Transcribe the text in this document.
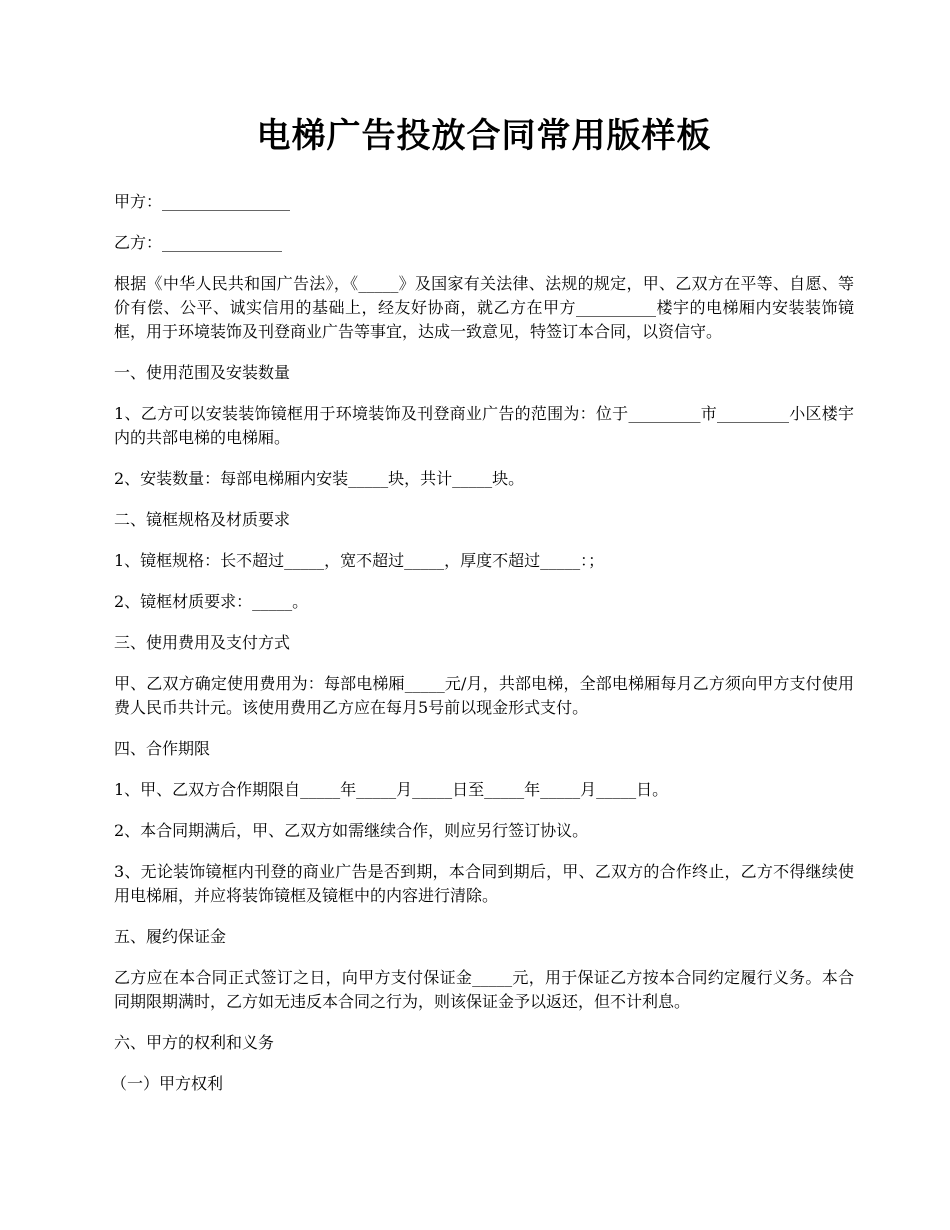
电梯广告投放合同常用版样板

甲方：________________

乙方：_______________

根据《中华人民共和国广告法》，《_____》及国家有关法律、法规的规定，甲、乙双方在平等、自愿、等价有偿、公平、诚实信用的基础上，经友好协商，就乙方在甲方__________楼宇的电梯厢内安装装饰镜框，用于环境装饰及刊登商业广告等事宜，达成一致意见，特签订本合同，以资信守。

一、使用范围及安装数量

1、乙方可以安装装饰镜框用于环境装饰及刊登商业广告的范围为：位于_________市_________小区楼宇内的共部电梯的电梯厢。

2、安装数量：每部电梯厢内安装_____块，共计_____块。

二、镜框规格及材质要求

1、镜框规格：长不超过_____，宽不超过_____，厚度不超过_____：；

2、镜框材质要求：_____。

三、使用费用及支付方式

甲、乙双方确定使用费用为：每部电梯厢_____元/月，共部电梯，全部电梯厢每月乙方须向甲方支付使用费人民币共计元。该使用费用乙方应在每月5号前以现金形式支付。

四、合作期限

1、甲、乙双方合作期限自_____年_____月_____日至_____年_____月_____日。

2、本合同期满后，甲、乙双方如需继续合作，则应另行签订协议。

3、无论装饰镜框内刊登的商业广告是否到期，本合同到期后，甲、乙双方的合作终止，乙方不得继续使用电梯厢，并应将装饰镜框及镜框中的内容进行清除。

五、履约保证金

乙方应在本合同正式签订之日，向甲方支付保证金_____元，用于保证乙方按本合同约定履行义务。本合同期限期满时，乙方如无违反本合同之行为，则该保证金予以返还，但不计利息。

六、甲方的权利和义务

（一）甲方权利
